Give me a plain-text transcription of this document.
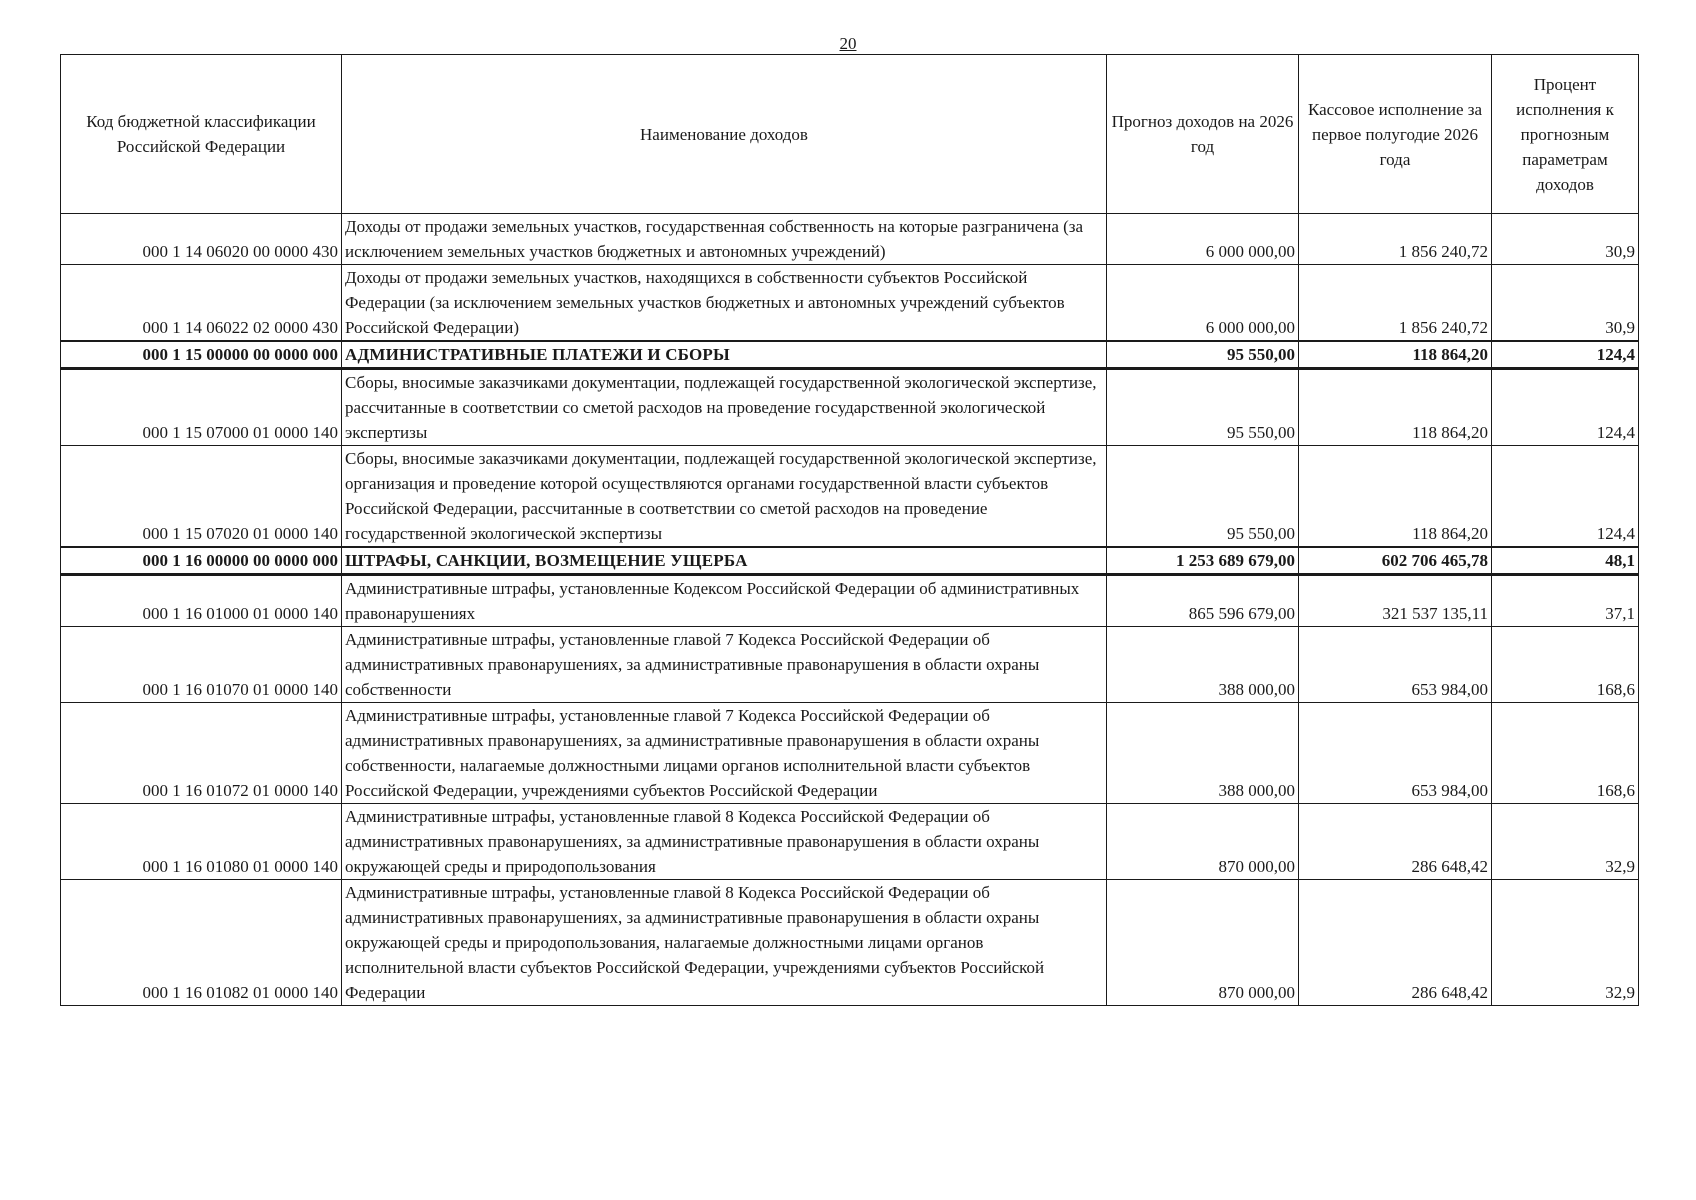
20
Код бюджетной классификации Российской Федерации	Наименование доходов	Прогноз доходов на 2026 год	Кассовое исполнение за первое полугодие 2026 года	Процент исполнения к прогнозным параметрам доходов
000 1 14 06020 00 0000 430	Доходы от продажи земельных участков, государственная собственность на которые разграничена (за исключением земельных участков бюджетных и автономных учреждений)	6 000 000,00	1 856 240,72	30,9
000 1 14 06022 02 0000 430	Доходы от продажи земельных участков, находящихся в собственности субъектов Российской Федерации (за исключением земельных участков бюджетных и автономных учреждений субъектов Российской Федерации)	6 000 000,00	1 856 240,72	30,9
000 1 15 00000 00 0000 000	АДМИНИСТРАТИВНЫЕ ПЛАТЕЖИ И СБОРЫ	95 550,00	118 864,20	124,4
000 1 15 07000 01 0000 140	Сборы, вносимые заказчиками документации, подлежащей государственной экологической экспертизе, рассчитанные в соответствии со сметой расходов на проведение государственной экологической экспертизы	95 550,00	118 864,20	124,4
000 1 15 07020 01 0000 140	Сборы, вносимые заказчиками документации, подлежащей государственной экологической экспертизе, организация и проведение которой осуществляются органами государственной власти субъектов Российской Федерации, рассчитанные в соответствии со сметой расходов на проведение государственной экологической экспертизы	95 550,00	118 864,20	124,4
000 1 16 00000 00 0000 000	ШТРАФЫ, САНКЦИИ, ВОЗМЕЩЕНИЕ УЩЕРБА	1 253 689 679,00	602 706 465,78	48,1
000 1 16 01000 01 0000 140	Административные штрафы, установленные Кодексом Российской Федерации об административных правонарушениях	865 596 679,00	321 537 135,11	37,1
000 1 16 01070 01 0000 140	Административные штрафы, установленные главой 7 Кодекса Российской Федерации об административных правонарушениях, за административные правонарушения в области охраны собственности	388 000,00	653 984,00	168,6
000 1 16 01072 01 0000 140	Административные штрафы, установленные главой 7 Кодекса Российской Федерации об административных правонарушениях, за административные правонарушения в области охраны собственности, налагаемые должностными лицами органов исполнительной власти субъектов Российской Федерации, учреждениями субъектов Российской Федерации	388 000,00	653 984,00	168,6
000 1 16 01080 01 0000 140	Административные штрафы, установленные главой 8 Кодекса Российской Федерации об административных правонарушениях, за административные правонарушения в области охраны окружающей среды и природопользования	870 000,00	286 648,42	32,9
000 1 16 01082 01 0000 140	Административные штрафы, установленные главой 8 Кодекса Российской Федерации об административных правонарушениях, за административные правонарушения в области охраны окружающей среды и природопользования, налагаемые должностными лицами органов исполнительной власти субъектов Российской Федерации, учреждениями субъектов Российской Федерации	870 000,00	286 648,42	32,9
